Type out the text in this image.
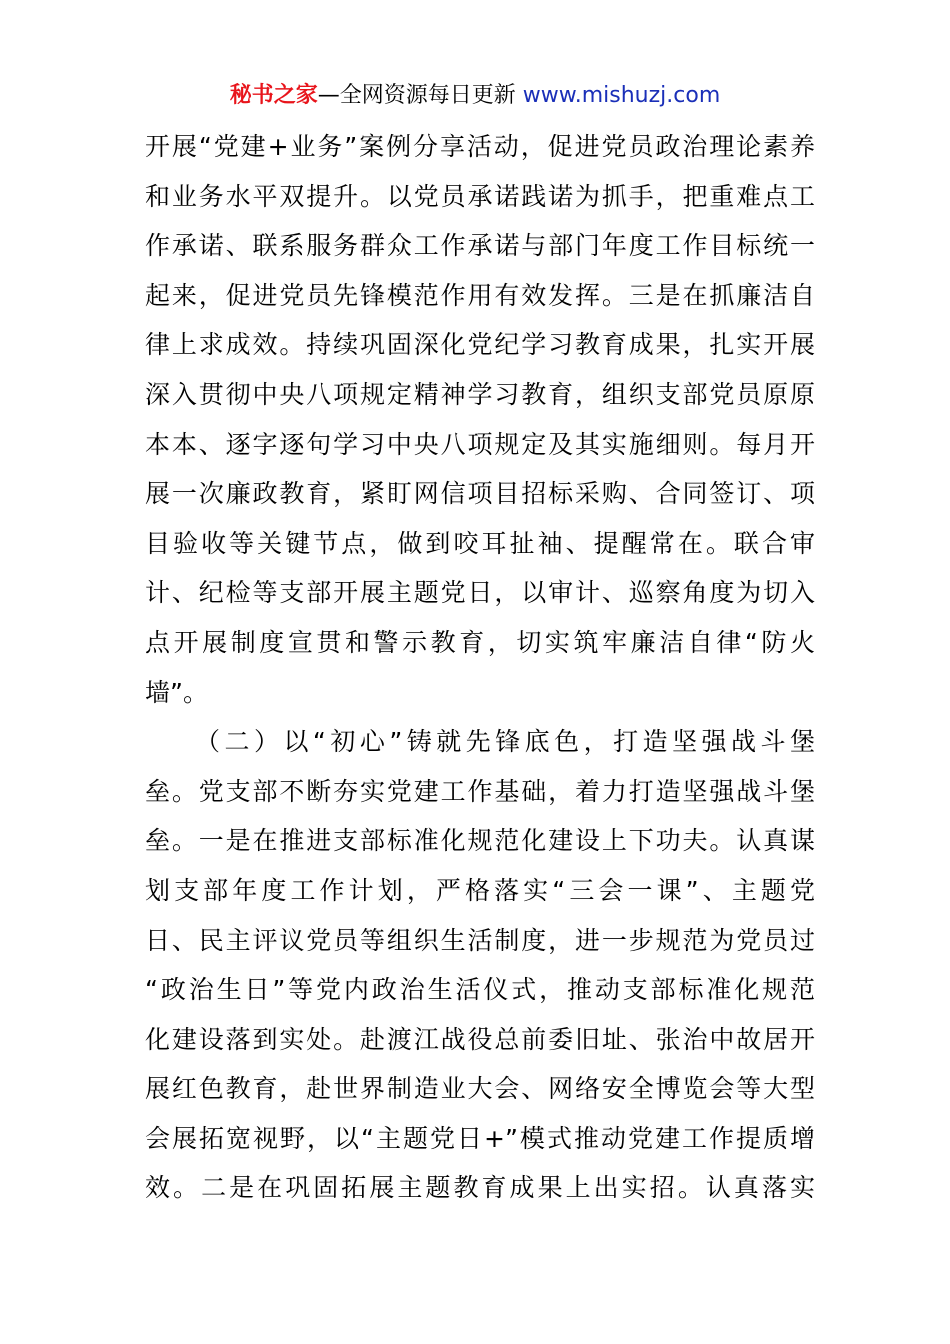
秘书之家—全网资源每日更新 www.mishuzj.com
开展“党建+业务”案例分享活动，促进党员政治理论素养
和业务水平双提升。以党员承诺践诺为抓手，把重难点工
作承诺、联系服务群众工作承诺与部门年度工作目标统一
起来，促进党员先锋模范作用有效发挥。三是在抓廉洁自
律上求成效。持续巩固深化党纪学习教育成果，扎实开展
深入贯彻中央八项规定精神学习教育，组织支部党员原原
本本、逐字逐句学习中央八项规定及其实施细则。每月开
展一次廉政教育，紧盯网信项目招标采购、合同签订、项
目验收等关键节点，做到咬耳扯袖、提醒常在。联合审
计、纪检等支部开展主题党日，以审计、巡察角度为切入
点开展制度宣贯和警示教育，切实筑牢廉洁自律“防火
墙”。
（二）以“初心”铸就先锋底色，打造坚强战斗堡
垒。党支部不断夯实党建工作基础，着力打造坚强战斗堡
垒。一是在推进支部标准化规范化建设上下功夫。认真谋
划支部年度工作计划，严格落实“三会一课”、主题党
日、民主评议党员等组织生活制度，进一步规范为党员过
“政治生日”等党内政治生活仪式，推动支部标准化规范
化建设落到实处。赴渡江战役总前委旧址、张治中故居开
展红色教育，赴世界制造业大会、网络安全博览会等大型
会展拓宽视野，以“主题党日+”模式推动党建工作提质增
效。二是在巩固拓展主题教育成果上出实招。认真落实
